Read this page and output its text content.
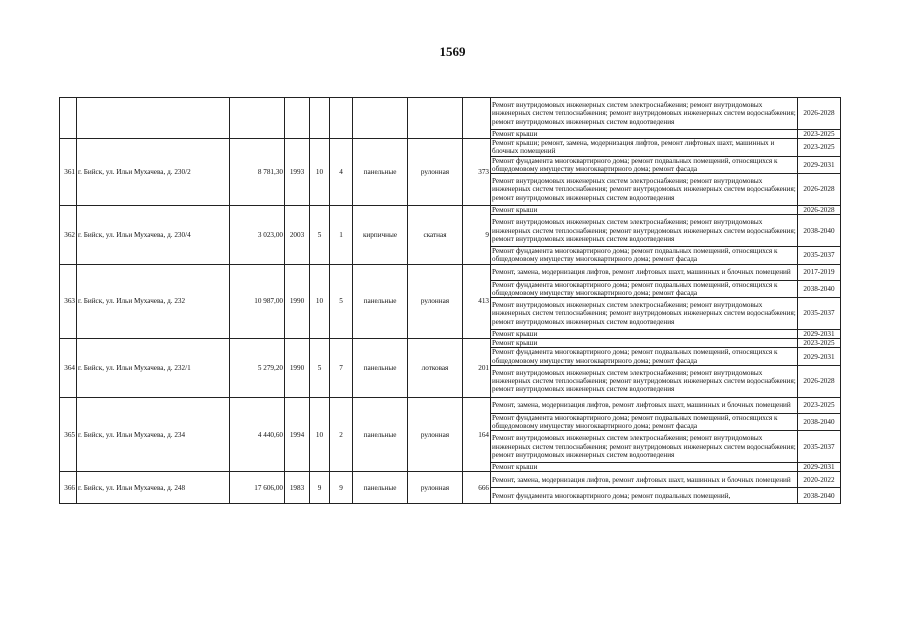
1569
									Ремонт внутридомовых инженерных систем электроснабжения; ремонт внутридомовых инженерных систем теплоснабжения; ремонт внутридомовых инженерных систем водоснабжения; ремонт внутридомовых инженерных систем водоотведения	2026-2028
									Ремонт крыши	2023-2025
361	г. Бийск, ул. Ильи Мухачева, д. 230/2	8 781,30	1993	10	4	панельные	рулонная	373	Ремонт крыши; ремонт, замена, модернизация лифтов, ремонт лифтовых шахт, машинных и блочных помещений	2023-2025
									Ремонт фундамента многоквартирного дома; ремонт подвальных помещений, относящихся к общедомовому имуществу многоквартирного дома; ремонт фасада	2029-2031
									Ремонт внутридомовых инженерных систем электроснабжения; ремонт внутридомовых инженерных систем теплоснабжения; ремонт внутридомовых инженерных систем водоснабжения; ремонт внутридомовых инженерных систем водоотведения	2026-2028
362	г. Бийск, ул. Ильи Мухачева, д. 230/4	3 023,00	2003	5	1	кирпичные	скатная	9	Ремонт крыши	2026-2028
									Ремонт внутридомовых инженерных систем электроснабжения; ремонт внутридомовых инженерных систем теплоснабжения; ремонт внутридомовых инженерных систем водоснабжения; ремонт внутридомовых инженерных систем водоотведения	2038-2040
									Ремонт фундамента многоквартирного дома; ремонт подвальных помещений, относящихся к общедомовому имуществу многоквартирного дома; ремонт фасада	2035-2037
363	г. Бийск, ул. Ильи Мухачева, д. 232	10 987,00	1990	10	5	панельные	рулонная	413	Ремонт, замена, модернизация лифтов, ремонт лифтовых шахт, машинных и блочных помещений	2017-2019
									Ремонт фундамента многоквартирного дома; ремонт подвальных помещений, относящихся к общедомовому имуществу многоквартирного дома; ремонт фасада	2038-2040
									Ремонт внутридомовых инженерных систем электроснабжения; ремонт внутридомовых инженерных систем теплоснабжения; ремонт внутридомовых инженерных систем водоснабжения; ремонт внутридомовых инженерных систем водоотведения	2035-2037
									Ремонт крыши	2029-2031
364	г. Бийск, ул. Ильи Мухачева, д. 232/1	5 279,20	1990	5	7	панельные	лотковая	201	Ремонт крыши	2023-2025
									Ремонт фундамента многоквартирного дома; ремонт подвальных помещений, относящихся к общедомовому имуществу многоквартирного дома; ремонт фасада	2029-2031
									Ремонт внутридомовых инженерных систем электроснабжения; ремонт внутридомовых инженерных систем теплоснабжения; ремонт внутридомовых инженерных систем водоснабжения; ремонт внутридомовых инженерных систем водоотведения	2026-2028
365	г. Бийск, ул. Ильи Мухачева, д. 234	4 440,60	1994	10	2	панельные	рулонная	164	Ремонт, замена, модернизация лифтов, ремонт лифтовых шахт, машинных и блочных помещений	2023-2025
									Ремонт фундамента многоквартирного дома; ремонт подвальных помещений, относящихся к общедомовому имуществу многоквартирного дома; ремонт фасада	2038-2040
									Ремонт внутридомовых инженерных систем электроснабжения; ремонт внутридомовых инженерных систем теплоснабжения; ремонт внутридомовых инженерных систем водоснабжения; ремонт внутридомовых инженерных систем водоотведения	2035-2037
									Ремонт крыши	2029-2031
366	г. Бийск, ул. Ильи Мухачева, д. 248	17 606,00	1983	9	9	панельные	рулонная	666	Ремонт, замена, модернизация лифтов, ремонт лифтовых шахт, машинных и блочных помещений	2020-2022
									Ремонт фундамента многоквартирного дома; ремонт подвальных помещений,	2038-2040
